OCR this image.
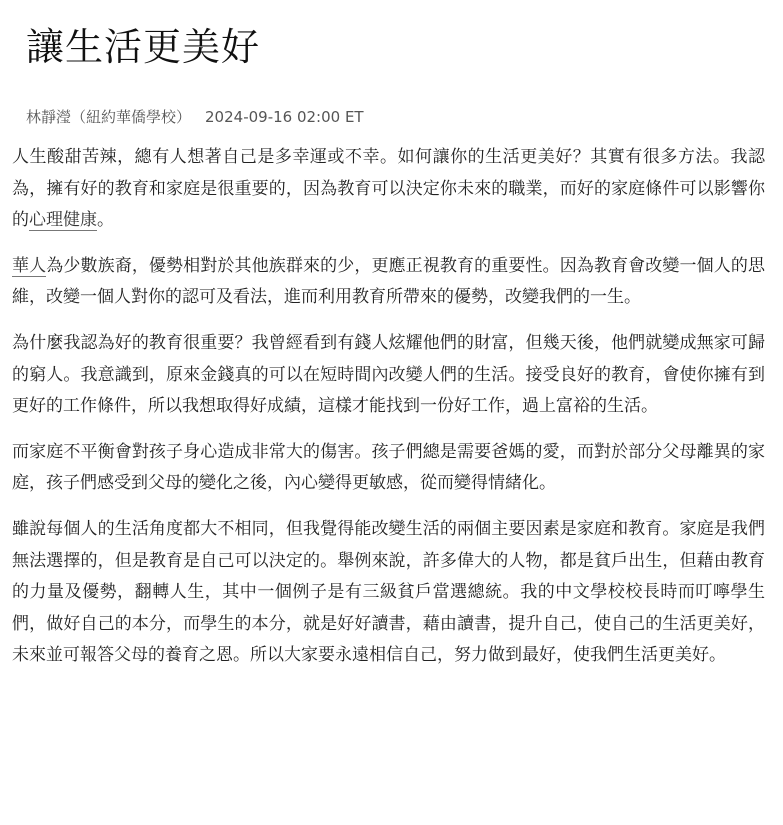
讓生活更美好
林靜瀅（紐約華僑學校） 2024-09-16 02:00 ET

人生酸甜苦辣，總有人想著自己是多幸運或不幸。如何讓你的生活更美好？其實有很多方法。我認為，擁有好的教育和家庭是很重要的，因為教育可以決定你未來的職業，而好的家庭條件可以影響你的心理健康。

華人為少數族裔，優勢相對於其他族群來的少，更應正視教育的重要性。因為教育會改變一個人的思維，改變一個人對你的認可及看法，進而利用教育所帶來的優勢，改變我們的一生。

為什麼我認為好的教育很重要？我曾經看到有錢人炫耀他們的財富，但幾天後，他們就變成無家可歸的窮人。我意識到，原來金錢真的可以在短時間內改變人們的生活。接受良好的教育，會使你擁有到更好的工作條件，所以我想取得好成績，這樣才能找到一份好工作，過上富裕的生活。

而家庭不平衡會對孩子身心造成非常大的傷害。孩子們總是需要爸媽的愛，而對於部分父母離異的家庭，孩子們感受到父母的變化之後，內心變得更敏感，從而變得情緒化。

雖說每個人的生活角度都大不相同，但我覺得能改變生活的兩個主要因素是家庭和教育。家庭是我們無法選擇的，但是教育是自己可以決定的。舉例來說，許多偉大的人物，都是貧戶出生，但藉由教育的力量及優勢，翻轉人生，其中一個例子是有三級貧戶當選總統。我的中文學校校長時而叮嚀學生們，做好自己的本分，而學生的本分，就是好好讀書，藉由讀書，提升自己，使自己的生活更美好，未來並可報答父母的養育之恩。所以大家要永遠相信自己，努力做到最好，使我們生活更美好。
